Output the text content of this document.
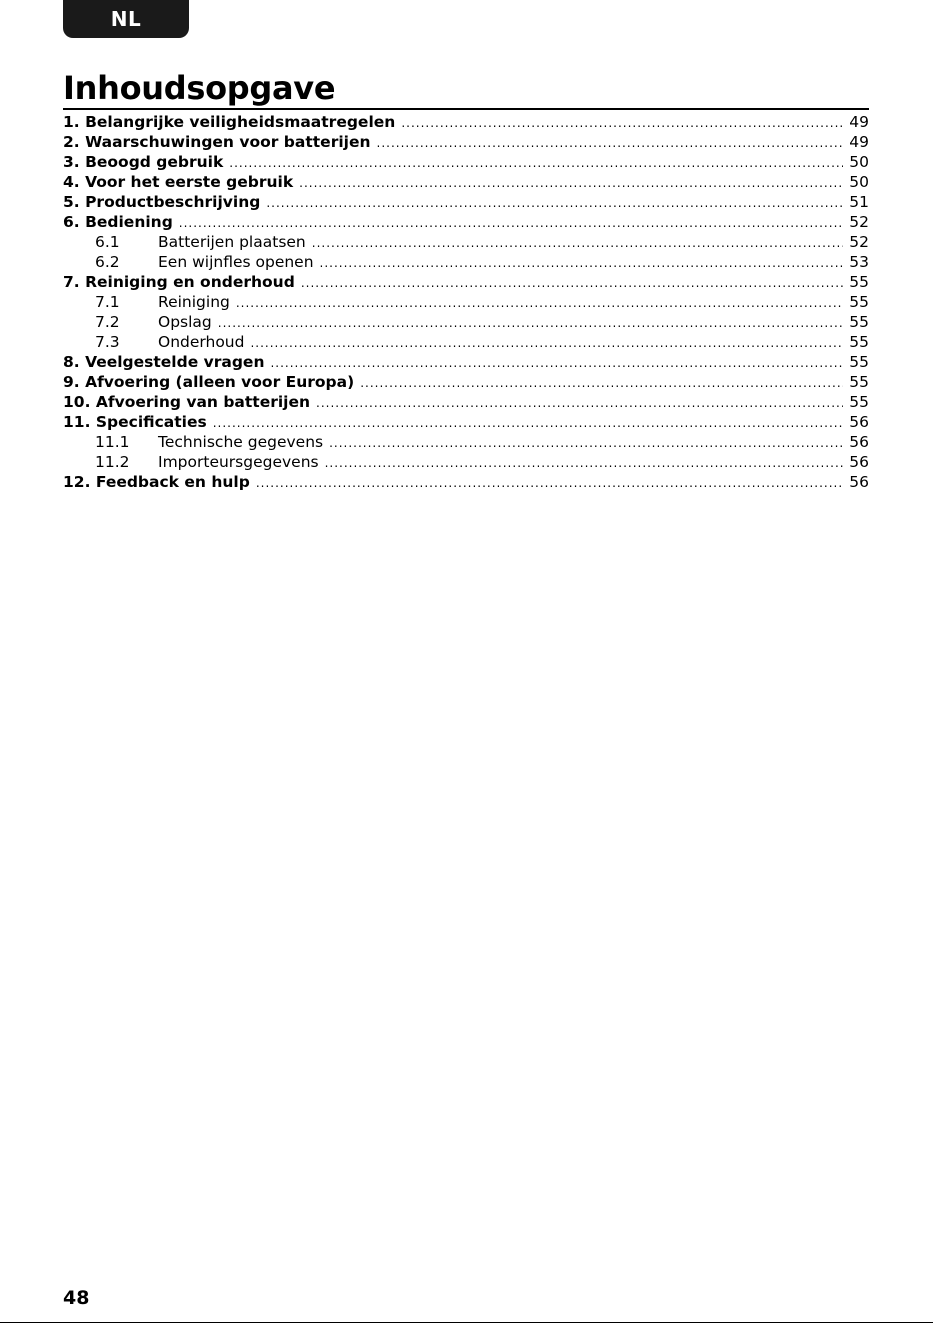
NL
Inhoudsopgave
1. Belangrijke veiligheidsmaatregelen .....	49
2. Waarschuwingen voor batterijen .....	49
3. Beoogd gebruik .....	50
4. Voor het eerste gebruik .....	50
5. Productbeschrijving .....	51
6. Bediening .....	52
6.1	Batterijen plaatsen .....	52
6.2	Een wijnfles openen .....	53
7. Reiniging en onderhoud .....	55
7.1	Reiniging .....	55
7.2	Opslag .....	55
7.3	Onderhoud .....	55
8. Veelgestelde vragen .....	55
9. Afvoering (alleen voor Europa) .....	55
10. Afvoering van batterijen .....	55
11. Specificaties .....	56
11.1	Technische gegevens .....	56
11.2	Importeursgegevens .....	56
12. Feedback en hulp .....	56
48
